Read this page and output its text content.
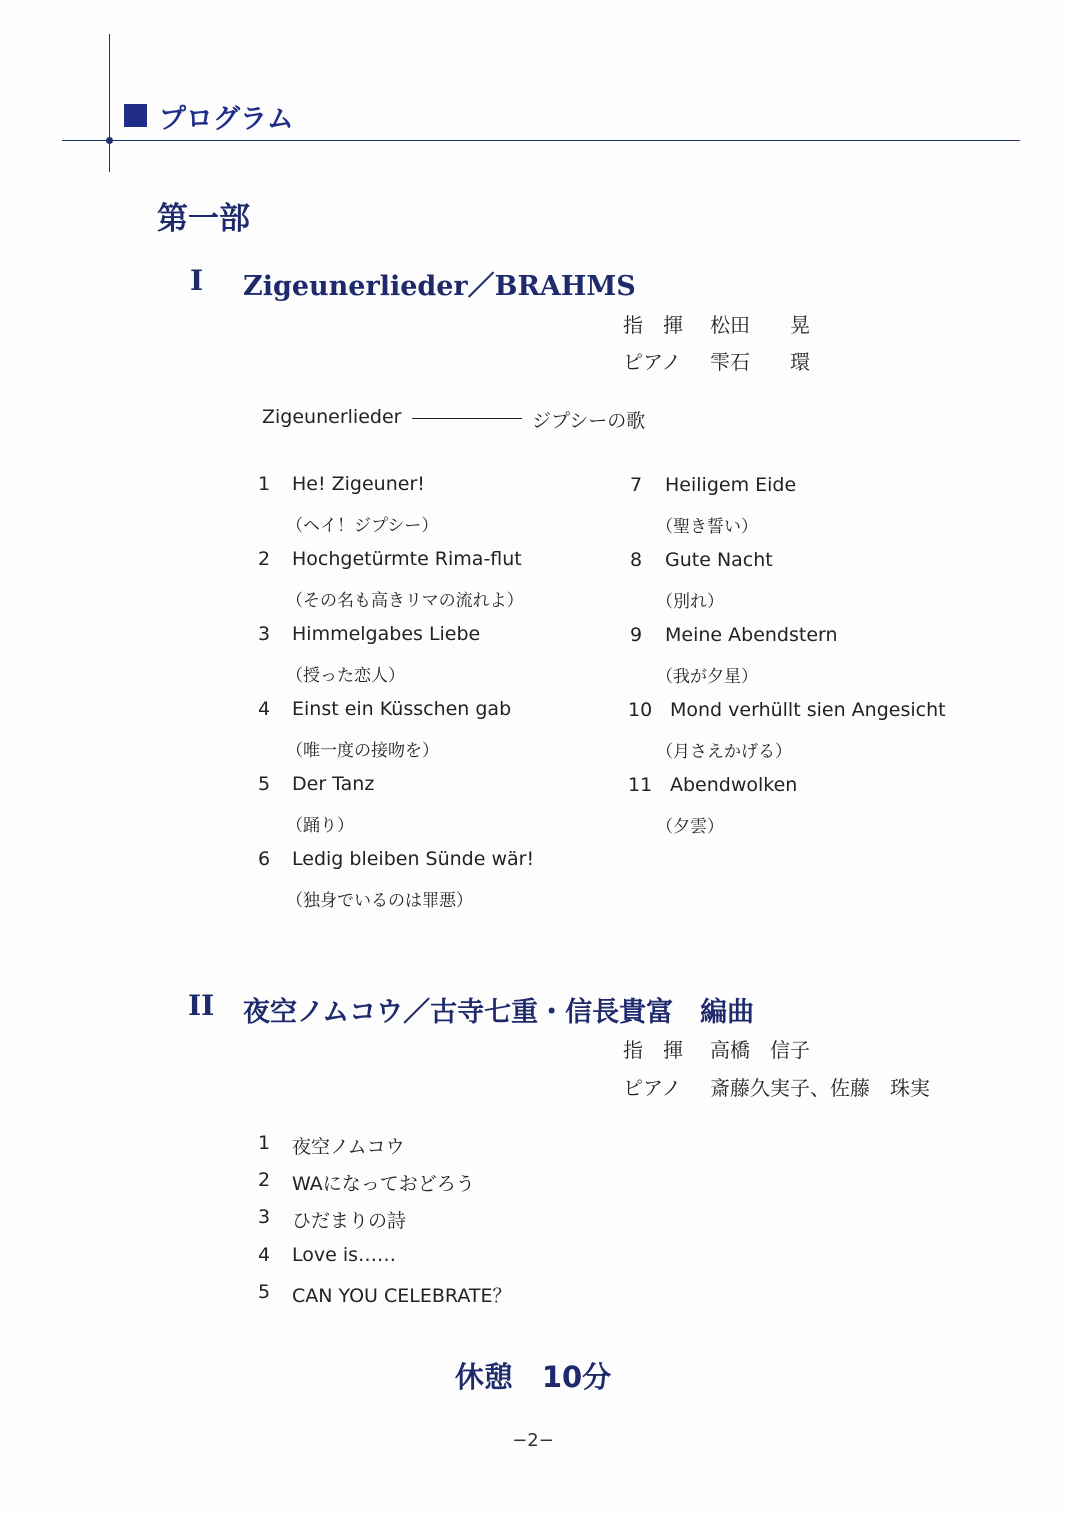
プログラム
第一部
I Zigeunerlieder／BRAHMS
指　揮 松田　　晃
ピアノ 雫石　　環
Zigeunerlieder	ジプシーの歌
1 He! Zigeuner!
（ヘイ！ジプシー）
2 Hochgetürmte Rima-flut
（その名も高きリマの流れよ）
3 Himmelgabes Liebe
（授った恋人）
4 Einst ein Küsschen gab
（唯一度の接吻を）
5 Der Tanz
（踊り）
6 Ledig bleiben Sünde wär!
（独身でいるのは罪悪）
7 Heiligem Eide
（聖き誓い）
8 Gute Nacht
（別れ）
9 Meine Abendstern
（我が夕星）
10 Mond verhüllt sien Angesicht
（月さえかげる）
11 Abendwolken
（夕雲）
II 夜空ノムコウ／古寺七重・信長貴富　編曲
指　揮 高橋　信子
ピアノ 斎藤久実子、佐藤　珠実
1 夜空ノムコウ
2 WAになっておどろう
3 ひだまりの詩
4 Love is……
5 CAN YOU CELEBRATE？
休憩　10分
−2−
